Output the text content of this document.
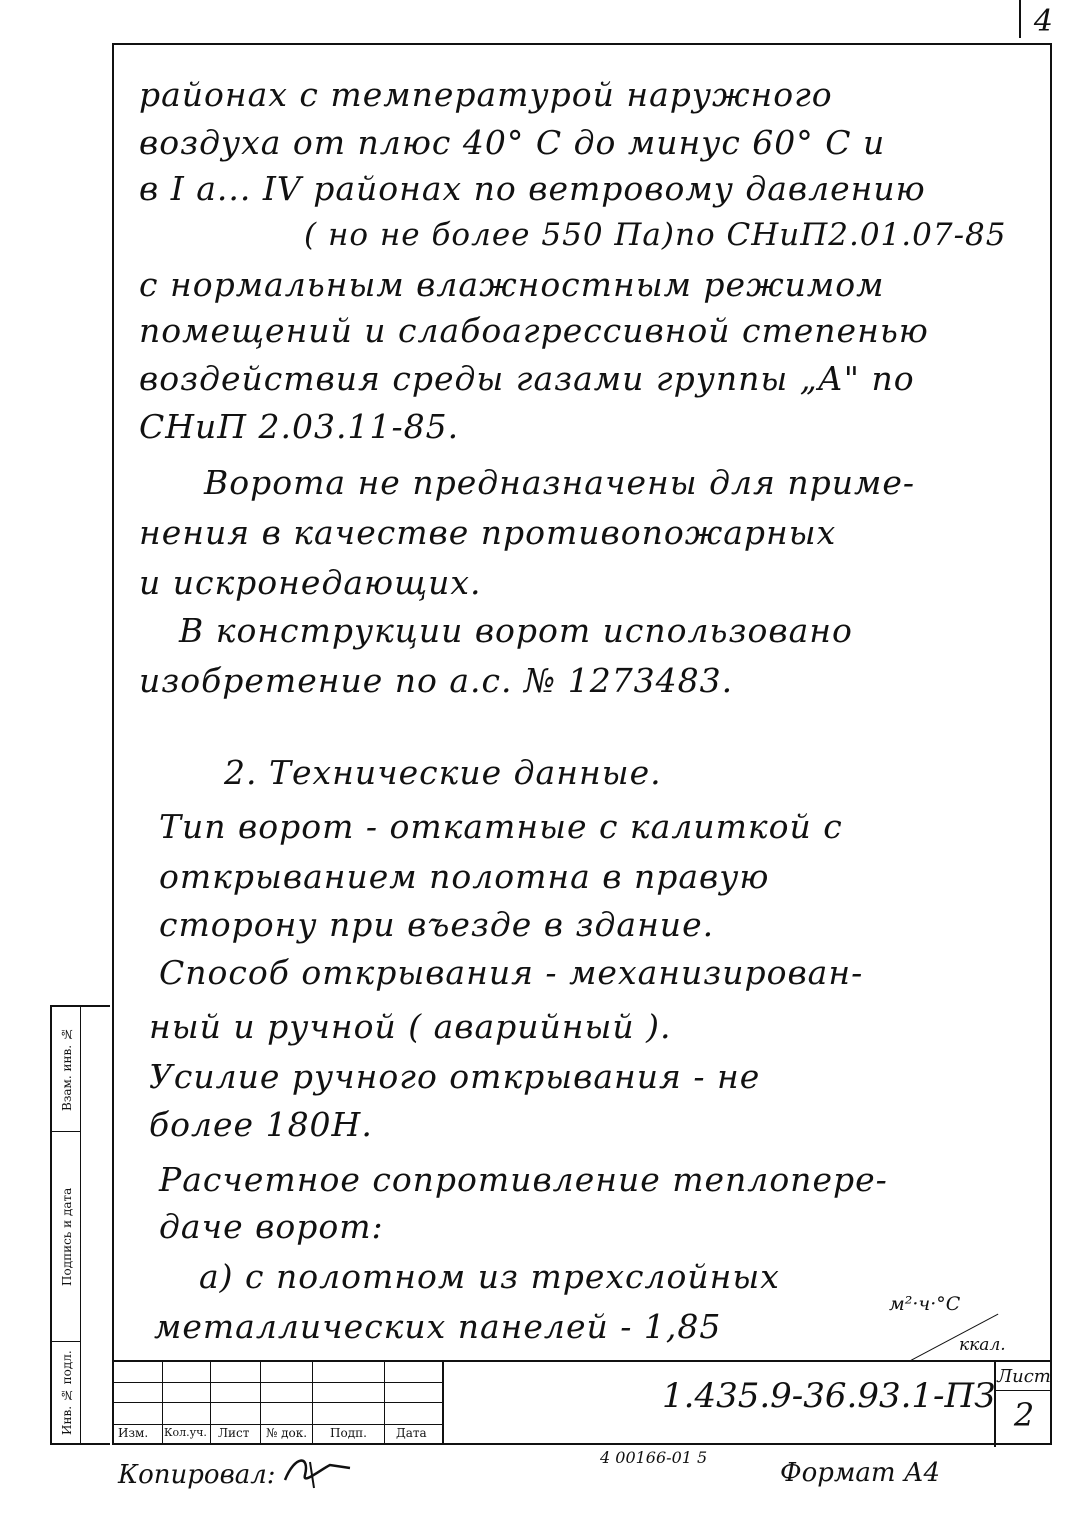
4
районах с температурой наружного
воздуха от плюс 40° С до минус 60° С и
в I а... IV районах по ветровому давлению
( но не более 550 Па)по СНиП2.01.07-85
с нормальным влажностным режимом
помещений и слабоагрессивной степенью
воздействия среды газами группы „А" по
СНиП 2.03.11-85.
Ворота не предназначены для приме-
нения в качестве противопожарных
и искронедающих.
В конструкции ворот использовано
изобретение по а.с. № 1273483.
2. Технические данные.
Тип ворот - откатные с калиткой с
открыванием полотна в правую
сторону при въезде в здание.
Способ открывания - механизирован-
ный и ручной ( аварийный ).
Усилие ручного открывания - не
более 180Н.
Расчетное сопротивление теплопере-
даче ворот:
а) с полотном из трехслойных
металлических панелей - 1,85
м²·ч·°С
ккал.
Взам. инв. №
Подпись и дата
Инв. № подл.	Изм. Кол.уч. Лист № док. Подп. Дата
1.435.9-36.93.1-ПЗ Лист
2
Копировал:
4 00166-01 5
Формат А4
